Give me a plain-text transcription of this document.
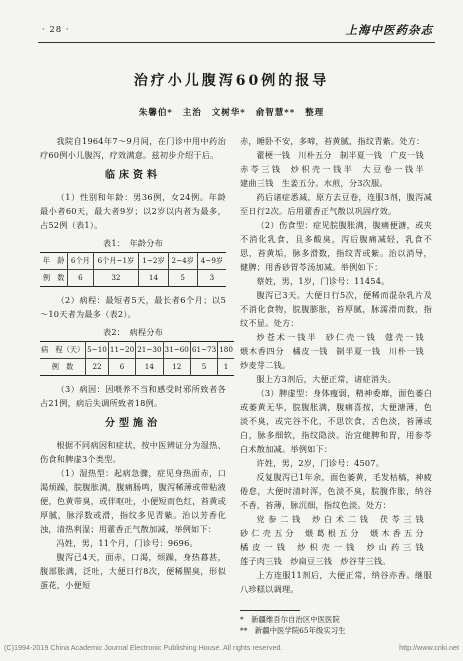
· 28 ·	上海中医药杂志
治疗小儿腹泻60例的报导
朱馨伯* 主治 文树华* 俞智慧** 整理

我院自1964年7～9月间，在门诊中用中药治疗60例小儿腹泻，疗效满意。兹初步介绍于后。

临床资料

（1）性别和年龄：男36例，女24例。年龄最小者60天，最大者9岁；以2岁以内者为最多，占52例（表1）。

表1：　年龄分布
年　龄	6个月	6个月~1岁	1~2岁	2~4岁	4~9岁
例　数	6	32	14	5	3

（2）病程：最短者5天，最长者6个月；以5～10天者为最多（表2）。

表2：　病程分布
病　程（天）	5~10	11~20	21~30	31~60	61~73	180
例　数	22	6	14	12	5	1

（3）病因：因喂养不当和感受时邪所致者各占21例，病后失调所致者18例。

分型施治

根据不同病因和症状，按中医辨证分为湿热、伤食和脾虚3个类型。

（1）湿热型：起病急骤，症见身热面赤，口渴烦躁，脘腹胀满，腹痛肠鸣，腹泻稀薄或带粘液便，色黄带臭，或伴呕吐，小便短而色红，苔黄或厚腻，脉浮数或滑，指纹多见青紫。治以芳香化浊，清热利湿；用藿香正气散加减，举例如下：

冯姓，男，11个月，门诊号：9696。

腹泻已4天，面赤，口渴，烦躁，身热暮甚，腹部胀满，泛吐，大便日行8次，便稀腥臭，形似蛋花，小便短

赤，睡卧不安，多啼，苔黄腻，指纹青紫。处方：

藿梗一钱 川朴五分 制半夏一钱 广皮一钱赤苓三钱 炒枳壳一钱半 大豆卷一钱半建曲三钱 生姜五分。水煎，分3次服。

药后诸症悉减，原方去豆卷，连服3剂，腹泻减至日行2次。后用藿香正气散以巩固疗效。

（2）伤食型：症见脘腹胀满，腹痛便溏，或夹不消化乳食，且多酸臭，泻后腹痛减轻，乳食不思，苔黄垢，脉多滑数，指纹青或紫。治以消导，健脾；用香砂胃苓汤加减。举例如下：

蔡姓，男，1岁，门诊号：11454。

腹泻已3天。大便日行5次，便稀而混杂乳片及不消化食物，脘腹膨胀，苔厚腻，脉濡滑而数，指纹不显。处方：

炒苍术一钱半 砂仁壳一钱 蔻壳一钱煨木香四分 橘皮一钱 制半夏一钱 川朴一钱炒麦芽二钱。

服上方3剂后，大便正常，诸症消失。

（3）脾虚型：身体瘦弱，精神委靡，面色萎白或萎黄无华，脘腹胀满，腹痛喜按，大便溏薄，色淡不臭，或完谷不化，不思饮食，舌色淡，苔薄或白，脉多细软，指纹隐淡。治宜健脾和胃，用参苓白术散加减。举例如下：

许姓，男，2岁，门诊号：4507。

反复腹泻已1年余，面色萎黄，毛发枯槁，神疲倦怠，大便时清时浑，色淡不臭，脘腹作胀，纳谷不香，苔薄，脉沉细，指纹色淡。处方：

党参二钱 炒白术二钱 茯苓三钱砂仁壳五分 煨葛根五分 煨木香五分橘皮一钱 炒枳壳一钱 炒山药三钱莲子肉三钱 炒扁豆三钱 炒谷芽三钱。

上方连服11剂后，大便正常，纳谷亦香。继服八珍糕以调理。

*　新疆维吾尔自治区中医医院
**　新疆中医学院65年级实习生
(C)1994-2019 China Academic Journal Electronic Publishing House. All rights reserved.	http://www.cnki.net
